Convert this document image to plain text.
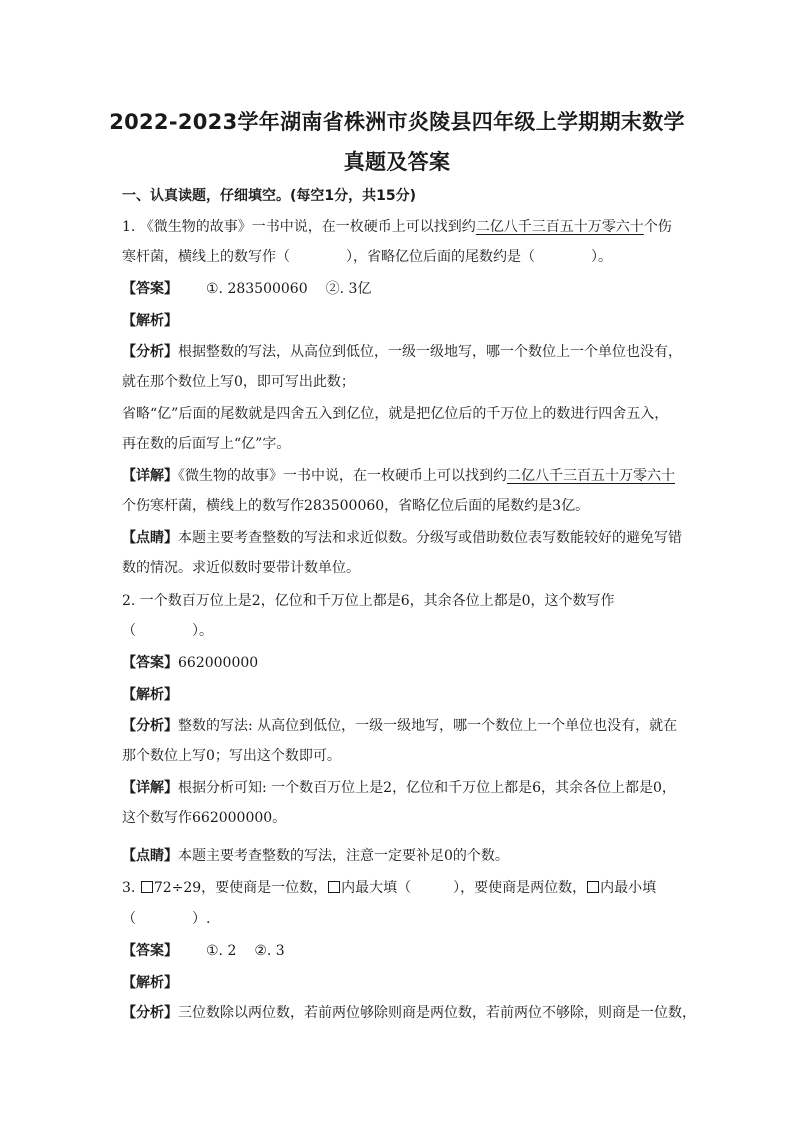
2022-2023学年湖南省株洲市炎陵县四年级上学期期末数学
真题及答案
一、认真读题，仔细填空。(每空1分，共15分)
1. 《微生物的故事》一书中说，在一枚硬币上可以找到约二亿八千三百五十万零六十个伤
寒杆菌，横线上的数写作（　　　　），省略亿位后面的尾数约是（　　　　）。
【答案】 ①. 283500060 ②. 3亿
【解析】
【分析】根据整数的写法，从高位到低位，一级一级地写，哪一个数位上一个单位也没有，
就在那个数位上写0，即可写出此数；
省略“亿”后面的尾数就是四舍五入到亿位，就是把亿位后的千万位上的数进行四舍五入，
再在数的后面写上“亿”字。
【详解】《微生物的故事》一书中说，在一枚硬币上可以找到约二亿八千三百五十万零六十
个伤寒杆菌，横线上的数写作283500060，省略亿位后面的尾数约是3亿。
【点睛】本题主要考查整数的写法和求近似数。分级写或借助数位表写数能较好的避免写错
数的情况。求近似数时要带计数单位。
2. 一个数百万位上是2，亿位和千万位上都是6，其余各位上都是0，这个数写作
（　　　　）。
【答案】662000000
【解析】
【分析】整数的写法: 从高位到低位，一级一级地写，哪一个数位上一个单位也没有，就在
那个数位上写0；写出这个数即可。
【详解】根据分析可知: 一个数百万位上是2，亿位和千万位上都是6，其余各位上都是0，
这个数写作662000000。
【点睛】本题主要考查整数的写法，注意一定要补足0的个数。
3. 72÷29，要使商是一位数， 内最大填（　　　），要使商是两位数， 内最小填
（　　　　）.
【答案】 ①. 2 ②. 3
【解析】
【分析】三位数除以两位数，若前两位够除则商是两位数，若前两位不够除，则商是一位数，
